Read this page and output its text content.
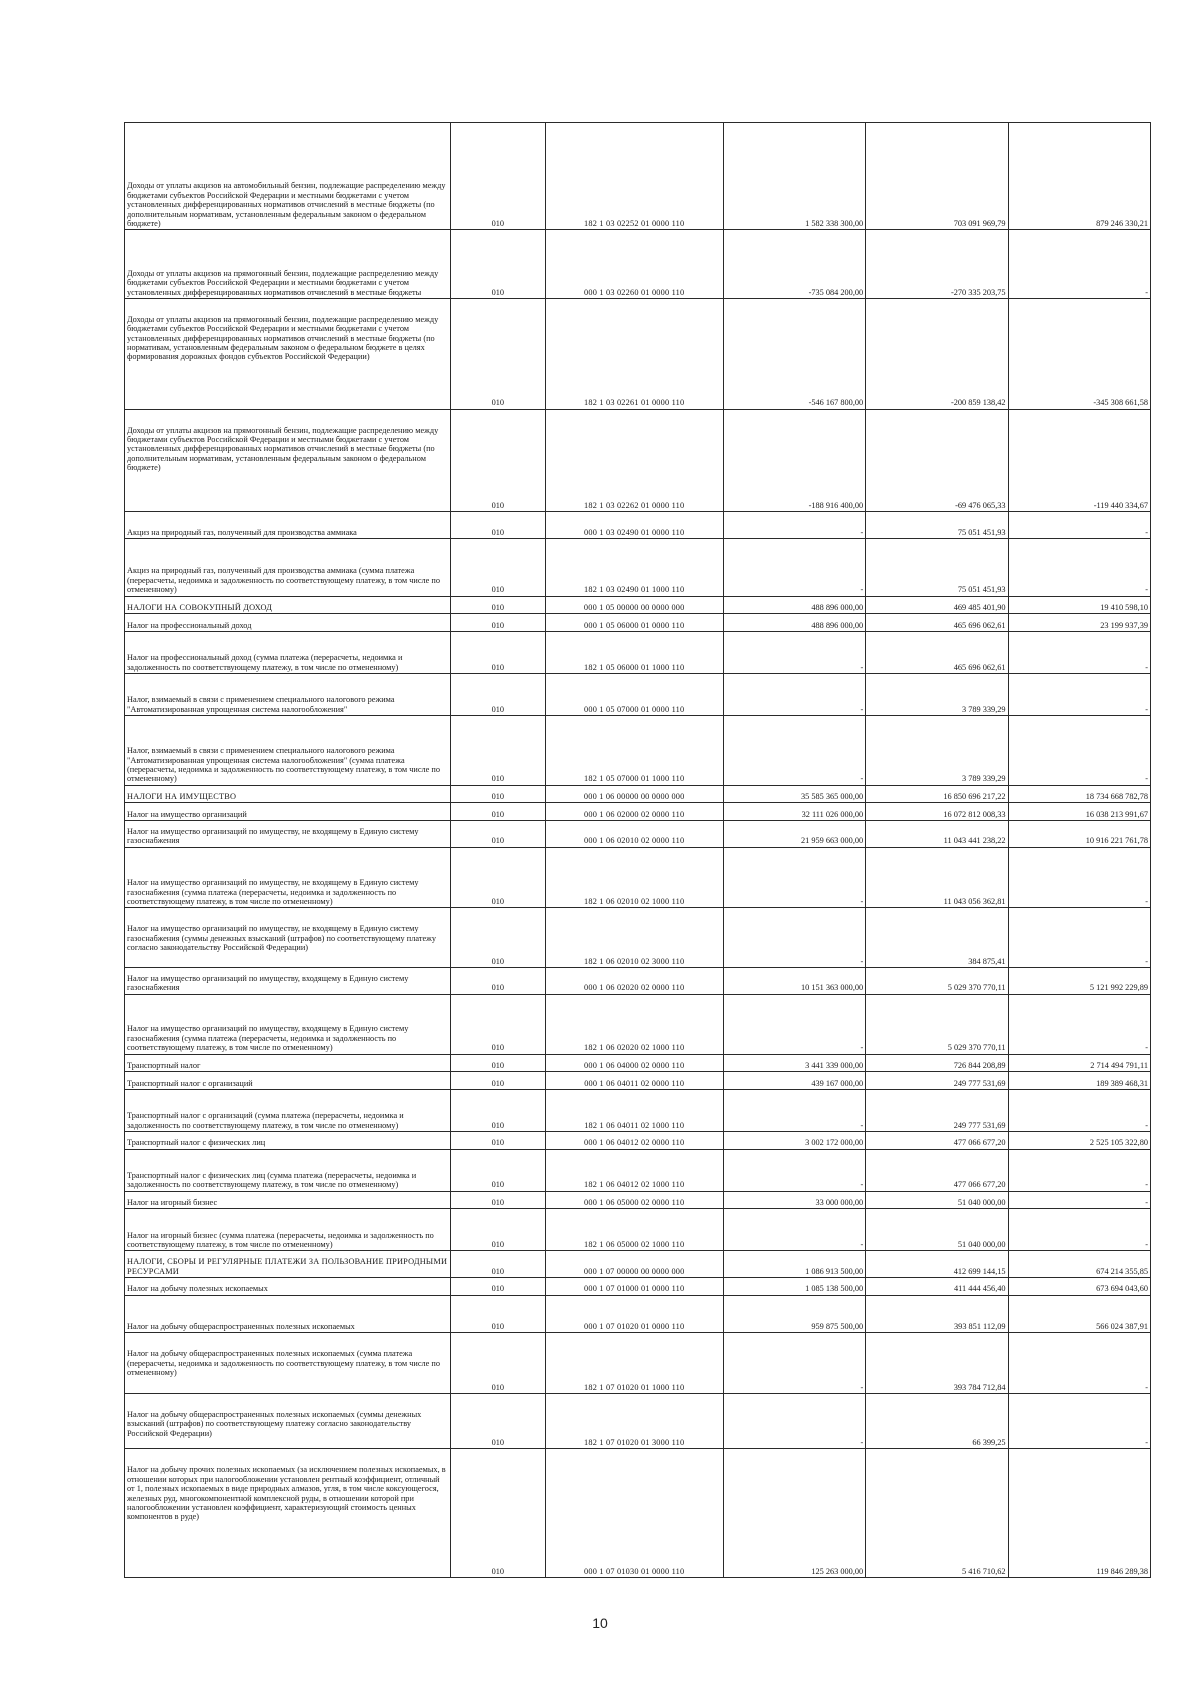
Доходы от уплаты акцизов на автомобильный бензин, подлежащие распределению между бюджетами субъектов Российской Федерации и местными бюджетами с учетом установленных дифференцированных нормативов отчислений в местные бюджеты (по дополнительным нормативам, установленным федеральным законом о федеральном бюджете)	010	182 1 03 02252 01 0000 110	1 582 338 300,00	703 091 969,79	879 246 330,21
Доходы от уплаты акцизов на прямогонный бензин, подлежащие распределению между бюджетами субъектов Российской Федерации и местными бюджетами с учетом установленных дифференцированных нормативов отчислений в местные бюджеты	010	000 1 03 02260 01 0000 110	-735 084 200,00	-270 335 203,75	-
Доходы от уплаты акцизов на прямогонный бензин, подлежащие распределению между бюджетами субъектов Российской Федерации и местными бюджетами с учетом установленных дифференцированных нормативов отчислений в местные бюджеты (по нормативам, установленным федеральным законом о федеральном бюджете в целях формирования дорожных фондов субъектов Российской Федерации)	010	182 1 03 02261 01 0000 110	-546 167 800,00	-200 859 138,42	-345 308 661,58
Доходы от уплаты акцизов на прямогонный бензин, подлежащие распределению между бюджетами субъектов Российской Федерации и местными бюджетами с учетом установленных дифференцированных нормативов отчислений в местные бюджеты (по дополнительным нормативам, установленным федеральным законом о федеральном бюджете)	010	182 1 03 02262 01 0000 110	-188 916 400,00	-69 476 065,33	-119 440 334,67
Акциз на природный газ, полученный для производства аммиака	010	000 1 03 02490 01 0000 110	-	75 051 451,93	-
Акциз на природный газ, полученный для производства аммиака (сумма платежа (перерасчеты, недоимка и задолженность по соответствующему платежу, в том числе по отмененному)	010	182 1 03 02490 01 1000 110	-	75 051 451,93	-
НАЛОГИ НА СОВОКУПНЫЙ ДОХОД	010	000 1 05 00000 00 0000 000	488 896 000,00	469 485 401,90	19 410 598,10
Налог на профессиональный доход	010	000 1 05 06000 01 0000 110	488 896 000,00	465 696 062,61	23 199 937,39
Налог на профессиональный доход (сумма платежа (перерасчеты, недоимка и задолженность по соответствующему платежу, в том числе по отмененному)	010	182 1 05 06000 01 1000 110	-	465 696 062,61	-
Налог, взимаемый в связи с применением специального налогового режима "Автоматизированная упрощенная система налогообложения"	010	000 1 05 07000 01 0000 110	-	3 789 339,29	-
Налог, взимаемый в связи с применением специального налогового режима "Автоматизированная упрощенная система налогообложения" (сумма платежа (перерасчеты, недоимка и задолженность по соответствующему платежу, в том числе по отмененному)	010	182 1 05 07000 01 1000 110	-	3 789 339,29	-
НАЛОГИ НА ИМУЩЕСТВО	010	000 1 06 00000 00 0000 000	35 585 365 000,00	16 850 696 217,22	18 734 668 782,78
Налог на имущество организаций	010	000 1 06 02000 02 0000 110	32 111 026 000,00	16 072 812 008,33	16 038 213 991,67
Налог на имущество организаций по имуществу, не входящему в Единую систему газоснабжения	010	000 1 06 02010 02 0000 110	21 959 663 000,00	11 043 441 238,22	10 916 221 761,78
Налог на имущество организаций по имуществу, не входящему в Единую систему газоснабжения (сумма платежа (перерасчеты, недоимка и задолженность по соответствующему платежу, в том числе по отмененному)	010	182 1 06 02010 02 1000 110	-	11 043 056 362,81	-
Налог на имущество организаций по имуществу, не входящему в Единую систему газоснабжения (суммы денежных взысканий (штрафов) по соответствующему платежу согласно законодательству Российской Федерации)	010	182 1 06 02010 02 3000 110	-	384 875,41	-
Налог на имущество организаций по имуществу, входящему в Единую систему газоснабжения	010	000 1 06 02020 02 0000 110	10 151 363 000,00	5 029 370 770,11	5 121 992 229,89
Налог на имущество организаций по имуществу, входящему в Единую систему газоснабжения (сумма платежа (перерасчеты, недоимка и задолженность по соответствующему платежу, в том числе по отмененному)	010	182 1 06 02020 02 1000 110	-	5 029 370 770,11	-
Транспортный налог	010	000 1 06 04000 02 0000 110	3 441 339 000,00	726 844 208,89	2 714 494 791,11
Транспортный налог с организаций	010	000 1 06 04011 02 0000 110	439 167 000,00	249 777 531,69	189 389 468,31
Транспортный налог с организаций (сумма платежа (перерасчеты, недоимка и задолженность по соответствующему платежу, в том числе по отмененному)	010	182 1 06 04011 02 1000 110	-	249 777 531,69	-
Транспортный налог с физических лиц	010	000 1 06 04012 02 0000 110	3 002 172 000,00	477 066 677,20	2 525 105 322,80
Транспортный налог с физических лиц (сумма платежа (перерасчеты, недоимка и задолженность по соответствующему платежу, в том числе по отмененному)	010	182 1 06 04012 02 1000 110	-	477 066 677,20	-
Налог на игорный бизнес	010	000 1 06 05000 02 0000 110	33 000 000,00	51 040 000,00	-
Налог на игорный бизнес (сумма платежа (перерасчеты, недоимка и задолженность по соответствующему платежу, в том числе по отмененному)	010	182 1 06 05000 02 1000 110	-	51 040 000,00	-
НАЛОГИ, СБОРЫ И РЕГУЛЯРНЫЕ ПЛАТЕЖИ ЗА ПОЛЬЗОВАНИЕ ПРИРОДНЫМИ РЕСУРСАМИ	010	000 1 07 00000 00 0000 000	1 086 913 500,00	412 699 144,15	674 214 355,85
Налог на добычу полезных ископаемых	010	000 1 07 01000 01 0000 110	1 085 138 500,00	411 444 456,40	673 694 043,60
Налог на добычу общераспространенных полезных ископаемых	010	000 1 07 01020 01 0000 110	959 875 500,00	393 851 112,09	566 024 387,91
Налог на добычу общераспространенных полезных ископаемых (сумма платежа (перерасчеты, недоимка и задолженность по соответствующему платежу, в том числе по отмененному)	010	182 1 07 01020 01 1000 110	-	393 784 712,84	-
Налог на добычу общераспространенных полезных ископаемых (суммы денежных взысканий (штрафов) по соответствующему платежу согласно законодательству Российской Федерации)	010	182 1 07 01020 01 3000 110	-	66 399,25	-
Налог на добычу прочих полезных ископаемых (за исключением полезных ископаемых, в отношении которых при налогообложении установлен рентный коэффициент, отличный от 1, полезных ископаемых в виде природных алмазов, угля, в том числе коксующегося, железных руд, многокомпонентной комплексной руды, в отношении которой при налогообложении установлен коэффициент, характеризующий стоимость ценных компонентов в руде)	010	000 1 07 01030 01 0000 110	125 263 000,00	5 416 710,62	119 846 289,38
10
